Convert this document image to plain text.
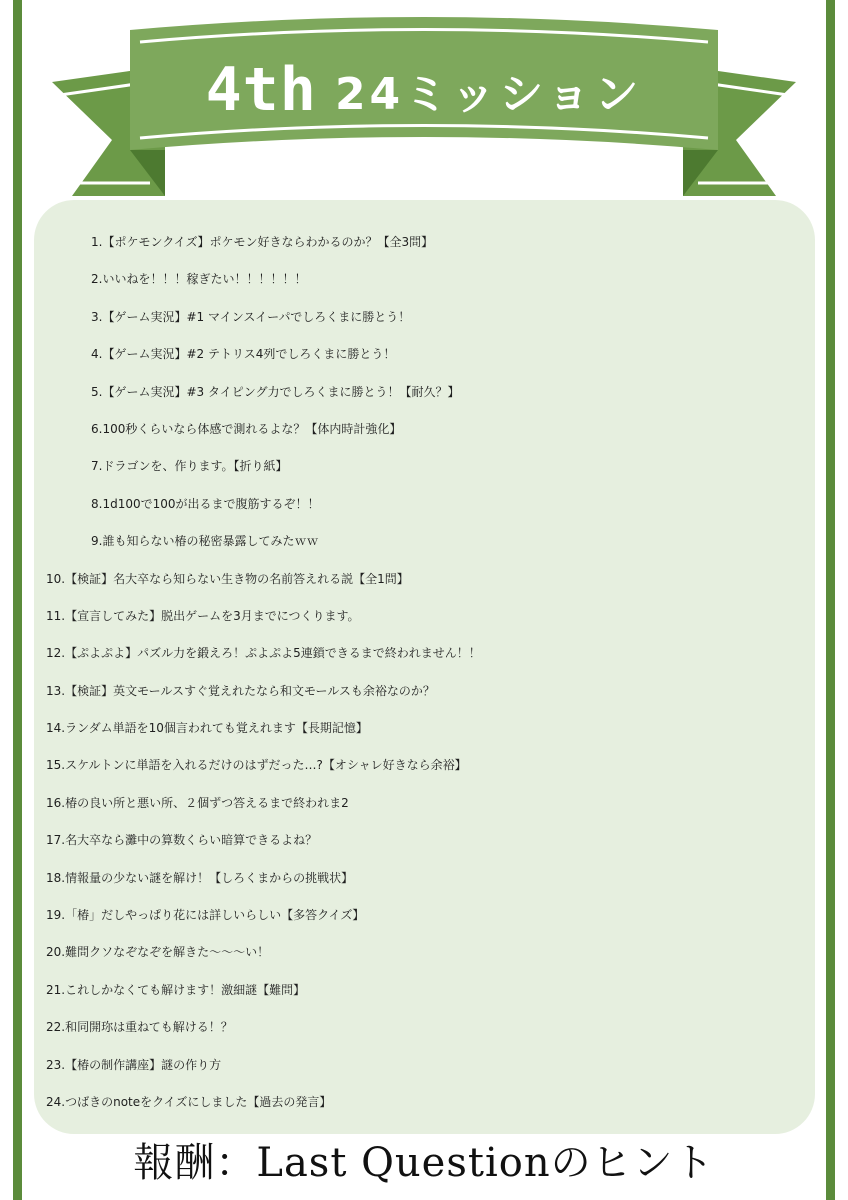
4th 24ミッション
1.【ポケモンクイズ】ポケモン好きならわかるのか？【全3問】
2.いいねを！！！稼ぎたい！！！！！！
3.【ゲーム実況】#1 マインスイーパでしろくまに勝とう！
4.【ゲーム実況】#2 テトリス4列でしろくまに勝とう！
5.【ゲーム実況】#3 タイピング力でしろくまに勝とう！【耐久？】
6.100秒くらいなら体感で測れるよな？【体内時計強化】
7.ドラゴンを、作ります。【折り紙】
8.1d100で100が出るまで腹筋するぞ！！
9.誰も知らない椿の秘密暴露してみたｗｗ
10.【検証】名大卒なら知らない生き物の名前答えれる説【全1問】
11.【宣言してみた】脱出ゲームを3月までにつくります。
12.【ぷよぷよ】パズル力を鍛えろ！ぷよぷよ5連鎖できるまで終われません！！
13.【検証】英文モールスすぐ覚えれたなら和文モールスも余裕なのか？
14.ランダム単語を10個言われても覚えれます【長期記憶】
15.スケルトンに単語を入れるだけのはずだった…?【オシャレ好きなら余裕】
16.椿の良い所と悪い所、２個ずつ答えるまで終われま2
17.名大卒なら灘中の算数くらい暗算できるよね？
18.情報量の少ない謎を解け！【しろくまからの挑戦状】
19.「椿」だしやっぱり花には詳しいらしい【多答クイズ】
20.難問クソなぞなぞを解きた〜〜〜い！
21.これしかなくても解けます！激細謎【難問】
22.和同開珎は重ねても解ける！？
23.【椿の制作講座】謎の作り方
24.つばきのnoteをクイズにしました【過去の発言】
報酬：Last Questionのヒント
